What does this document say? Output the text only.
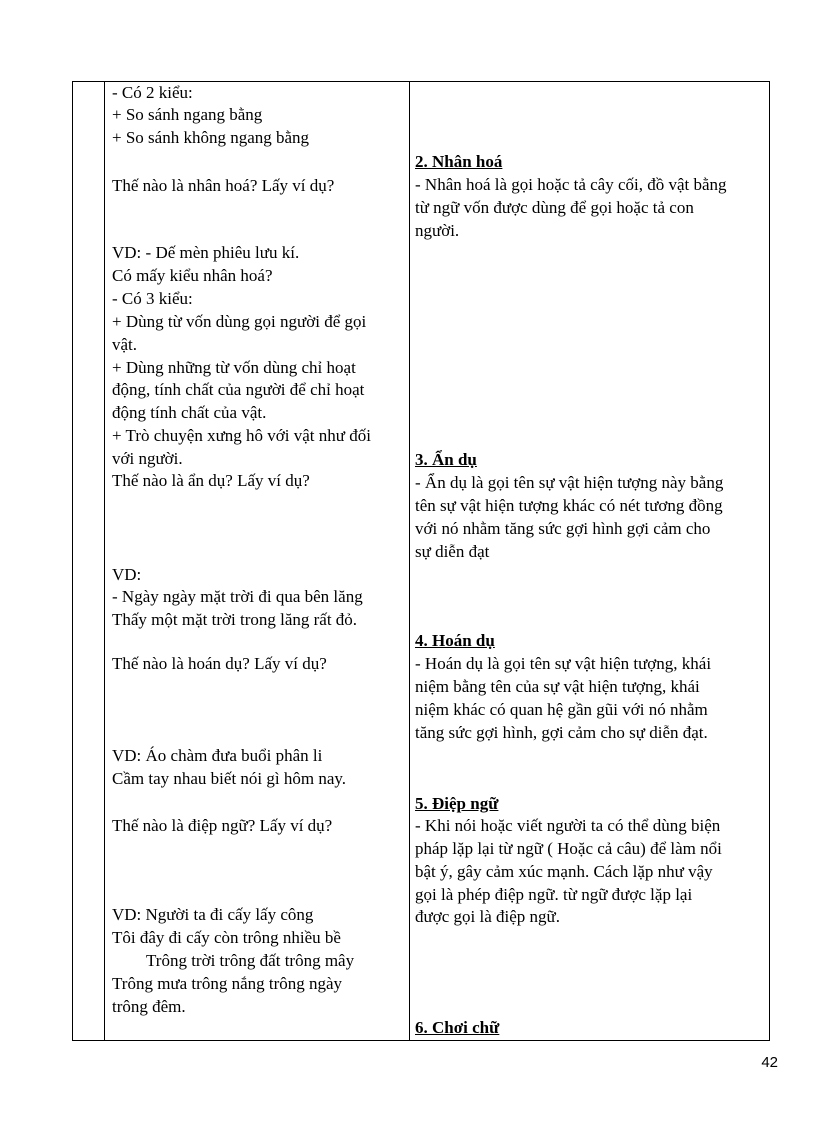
- Có 2 kiểu:
+ So sánh ngang bằng
+ So sánh không ngang bằng
Thế nào là nhân hoá? Lấy ví dụ?
VD: - Dế mèn phiêu lưu kí.
Có mấy kiểu nhân hoá?
- Có 3 kiểu:
+ Dùng từ vốn dùng gọi người để gọi
vật.
+ Dùng những từ vốn dùng chỉ hoạt
động, tính chất của người để chỉ hoạt
động tính chất của vật.
+ Trò chuyện xưng hô với vật như đối
với người.
Thế nào là ẩn dụ? Lấy ví dụ?
VD:
- Ngày ngày mặt trời đi qua bên lăng
Thấy một mặt trời trong lăng rất đỏ.
Thế nào là hoán dụ? Lấy ví dụ?
VD: Áo chàm đưa buổi phân li
Cầm tay nhau biết nói gì hôm nay.
Thế nào là điệp ngữ? Lấy ví dụ?
VD: Người ta đi cấy lấy công
Tôi đây đi cấy còn trông nhiều bề
Trông trời trông đất trông mây
Trông mưa trông nắng trông ngày
trông đêm.
2. Nhân hoá
- Nhân hoá là gọi hoặc tả cây cối, đồ vật bằng
từ ngữ vốn được dùng để gọi hoặc tả con
người.
3. Ẩn dụ
- Ẩn dụ là gọi tên sự vật hiện tượng này bằng
tên sự vật hiện tượng khác có nét tương đồng
với nó nhằm tăng sức gợi hình gợi cảm cho
sự diễn đạt
4. Hoán dụ
- Hoán dụ là gọi tên sự vật hiện tượng, khái
niệm bằng tên của sự vật hiện tượng, khái
niệm khác có quan hệ gần gũi với nó nhằm
tăng sức gợi hình, gợi cảm cho sự diễn đạt.
5. Điệp ngữ
- Khi nói hoặc viết người ta có thể dùng biện
pháp lặp lại từ ngữ ( Hoặc cả câu) để làm nổi
bật ý, gây cảm xúc mạnh. Cách lặp như vậy
gọi là phép điệp ngữ. từ ngữ được lặp lại
được gọi là điệp ngữ.
6. Chơi chữ
42
